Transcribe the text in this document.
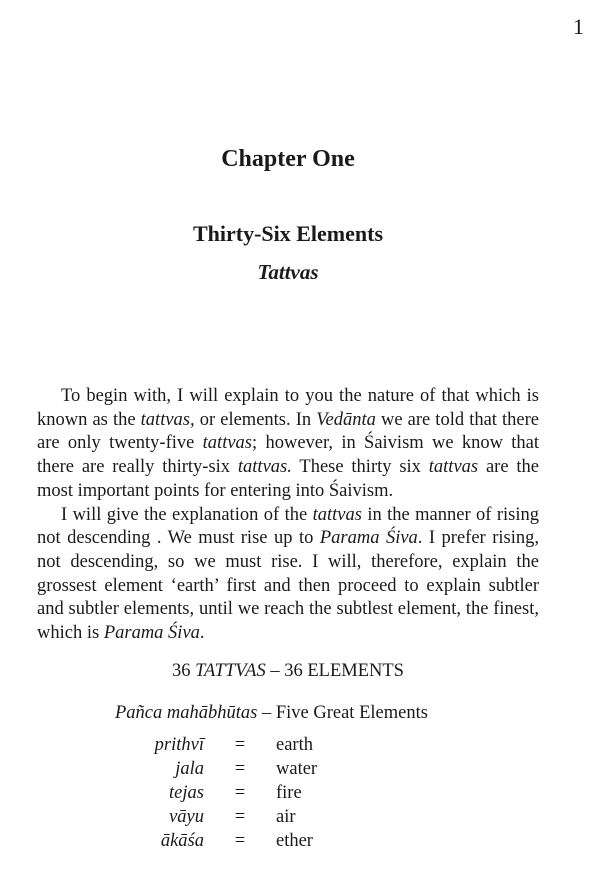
1
Chapter One
Thirty-Six Elements
Tattvas

To begin with, I will explain to you the nature of that which is known as the tattvas, or elements. In Vedānta we are told that there are only twenty-five tattvas; however, in Śaivism we know that there are really thirty-six tattvas. These thirty six tattvas are the most important points for entering into Śaivism.

I will give the explanation of the tattvas in the manner of rising not descending . We must rise up to Parama Śiva. I prefer rising, not descending, so we must rise. I will, therefore, explain the grossest element ‘earth’ first and then proceed to explain subtler and subtler elements, until we reach the subtlest element, the finest, which is Parama Śiva.

36 TATTVAS – 36 ELEMENTS
Pañca mahābhūtas – Five Great Elements
prithvī	=	earth
jala	=	water
tejas	=	fire
vāyu	=	air
ākāśa	=	ether
